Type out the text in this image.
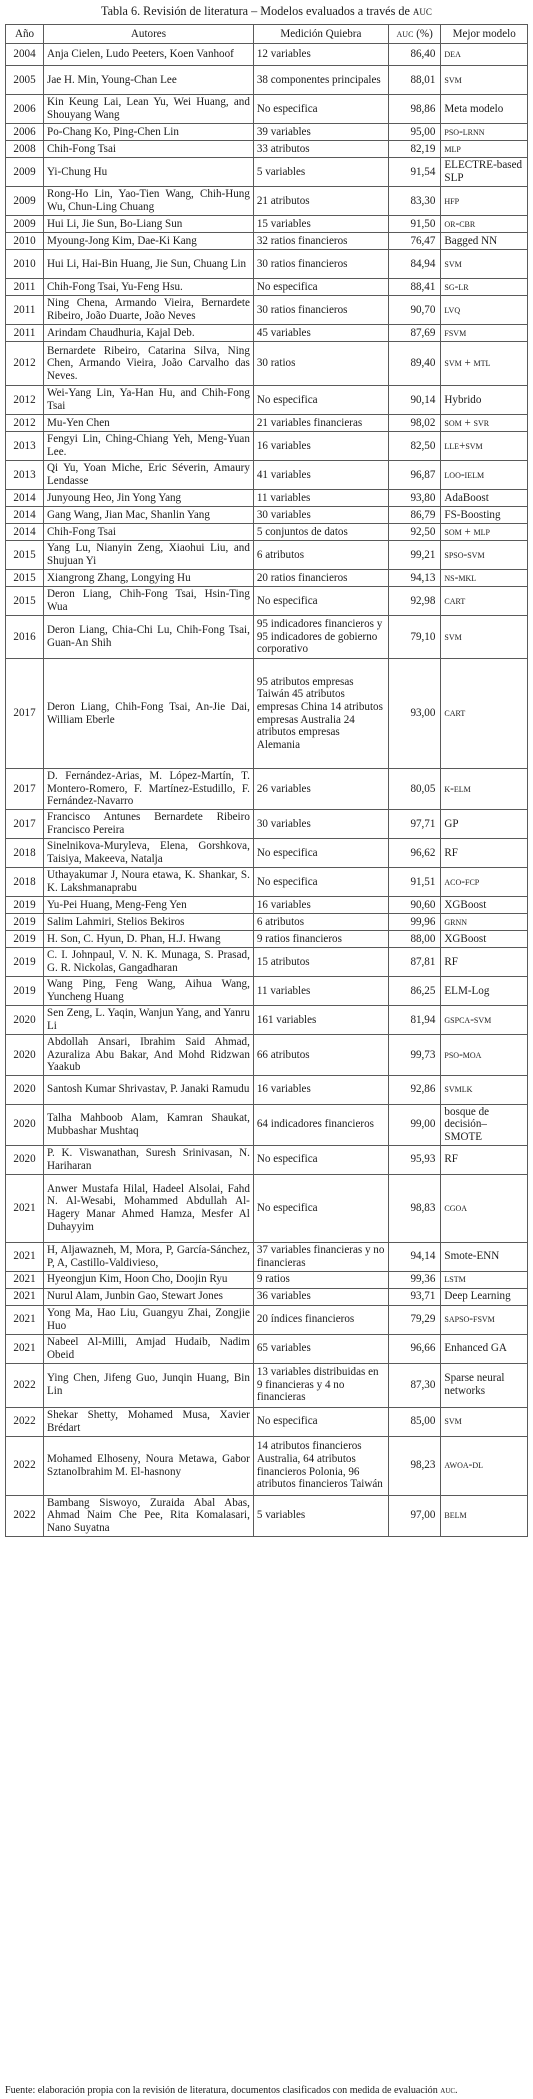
Tabla 6. Revisión de literatura – Modelos evaluados a través de auc
Año	Autores	Medición Quiebra	auc (%)	Mejor modelo
2004	Anja Cielen, Ludo Peeters, Koen Vanhoof	12 variables	86,40	dea
2005	Jae H. Min, Young-Chan Lee	38 componentes principales	88,01	svm
2006	Kin Keung Lai, Lean Yu, Wei Huang, and Shouyang Wang	No especifica	98,86	Meta modelo
2006	Po-Chang Ko, Ping-Chen Lin	39 variables	95,00	pso-lrnn
2008	Chih-Fong Tsai	33 atributos	82,19	mlp
2009	Yi-Chung Hu	5 variables	91,54	ELECTRE-based SLP
2009	Rong-Ho Lin, Yao-Tien Wang, Chih-Hung Wu, Chun-Ling Chuang	21 atributos	83,30	hfp
2009	Hui Li, Jie Sun, Bo-Liang Sun	15 variables	91,50	or-cbr
2010	Myoung-Jong Kim, Dae-Ki Kang	32 ratios financieros	76,47	Bagged NN
2010	Hui Li, Hai-Bin Huang, Jie Sun, Chuang Lin	30 ratios financieros	84,94	svm
2011	Chih-Fong Tsai, Yu-Feng Hsu.	No especifica	88,41	sg-lr
2011	Ning Chena, Armando Vieira, Bernardete Ribeiro, João Duarte, João Neves	30 ratios financieros	90,70	lvq
2011	Arindam Chaudhuria, Kajal Deb.	45 variables	87,69	fsvm
2012	Bernardete Ribeiro, Catarina Silva, Ning Chen, Armando Vieira, João Carvalho das Neves.	30 ratios	89,40	svm + mtl
2012	Wei-Yang Lin, Ya-Han Hu, and Chih-Fong Tsai	No especifica	90,14	Hybrido
2012	Mu-Yen Chen	21 variables financieras	98,02	som + svr
2013	Fengyi Lin, Ching-Chiang Yeh, Meng-Yuan Lee.	16 variables	82,50	lle+svm
2013	Qi Yu, Yoan Miche, Eric Séverin, Amaury Lendasse	41 variables	96,87	loo-ielm
2014	Junyoung Heo, Jin Yong Yang	11 variables	93,80	AdaBoost
2014	Gang Wang, Jian Mac, Shanlin Yang	30 variables	86,79	FS-Boosting
2014	Chih-Fong Tsai	5 conjuntos de datos	92,50	som + mlp
2015	Yang Lu, Nianyin Zeng, Xiaohui Liu, and Shujuan Yi	6 atributos	99,21	spso-svm
2015	Xiangrong Zhang, Longying Hu	20 ratios financieros	94,13	ns-mkl
2015	Deron Liang, Chih-Fong Tsai, Hsin-Ting Wua	No especifica	92,98	cart
2016	Deron Liang, Chia-Chi Lu, Chih-Fong Tsai, Guan-An Shih	95 indicadores financieros y 95 indicadores de gobierno corporativo	79,10	svm
2017	Deron Liang, Chih-Fong Tsai, An-Jie Dai, William Eberle	95 atributos empresas Taiwán 45 atributos empresas China 14 atributos empresas Australia 24 atributos empresas Alemania	93,00	cart
2017	D. Fernández-Arias, M. López-Martín, T. Montero-Romero, F. Martínez-Estudillo, F. Fernández-Navarro	26 variables	80,05	k-elm
2017	Francisco Antunes Bernardete Ribeiro Francisco Pereira	30 variables	97,71	GP
2018	Sinelnikova-Muryleva, Elena, Gorshkova, Taisiya, Makeeva, Natalja	No especifica	96,62	RF
2018	Uthayakumar J, Noura etawa, K. Shankar, S. K. Lakshmanaprabu	No especifica	91,51	aco-fcp
2019	Yu-Pei Huang, Meng-Feng Yen	16 variables	90,60	XGBoost
2019	Salim Lahmiri, Stelios Bekiros	6 atributos	99,96	grnn
2019	H. Son, C. Hyun, D. Phan, H.J. Hwang	9 ratios financieros	88,00	XGBoost
2019	C. I. Johnpaul, V. N. K. Munaga, S. Prasad, G. R. Nickolas, Gangadharan	15 atributos	87,81	RF
2019	Wang Ping, Feng Wang, Aihua Wang, Yuncheng Huang	11 variables	86,25	ELM-Log
2020	Sen Zeng, L. Yaqin, Wanjun Yang, and Yanru Li	161 variables	81,94	gspca-svm
2020	Abdollah Ansari, Ibrahim Said Ahmad, Azuraliza Abu Bakar, And Mohd Ridzwan Yaakub	66 atributos	99,73	pso-moa
2020	Santosh Kumar Shrivastav, P. Janaki Ramudu	16 variables	92,86	svmlk
2020	Talha Mahboob Alam, Kamran Shaukat, Mubbashar Mushtaq	64 indicadores financieros	99,00	bosque de decisión–SMOTE
2020	P. K. Viswanathan, Suresh Srinivasan, N. Hariharan	No especifica	95,93	RF
2021	Anwer Mustafa Hilal, Hadeel Alsolai, Fahd N. Al-Wesabi, Mohammed Abdullah Al-Hagery Manar Ahmed Hamza, Mesfer Al Duhayyim	No especifica	98,83	cgoa
2021	H, Aljawazneh, M, Mora, P, García-Sánchez, P, A, Castillo-Valdivieso,	37 variables financieras y no financieras	94,14	Smote-ENN
2021	Hyeongjun Kim, Hoon Cho, Doojin Ryu	9 ratios	99,36	lstm
2021	Nurul Alam, Junbin Gao, Stewart Jones	36 variables	93,71	Deep Learning
2021	Yong Ma, Hao Liu, Guangyu Zhai, Zongjie Huo	20 índices financieros	79,29	sapso-fsvm
2021	Nabeel Al-Milli, Amjad Hudaib, Nadim Obeid	65 variables	96,66	Enhanced GA
2022	Ying Chen, Jifeng Guo, Junqin Huang, Bin Lin	13 variables distribuidas en 9 financieras y 4 no financieras	87,30	Sparse neural networks
2022	Shekar Shetty, Mohamed Musa, Xavier Brédart	No especifica	85,00	svm
2022	Mohamed Elhoseny, Noura Metawa, Gabor SztanoIbrahim M. El-hasnony	14 atributos financieros Australia, 64 atributos financieros Polonia, 96 atributos financieros Taiwán	98,23	awoa-dl
2022	Bambang Siswoyo, Zuraida Abal Abas, Ahmad Naim Che Pee, Rita Komalasari, Nano Suyatna	5 variables	97,00	belm
Fuente: elaboración propia con la revisión de literatura, documentos clasificados con medida de evaluación auc.
